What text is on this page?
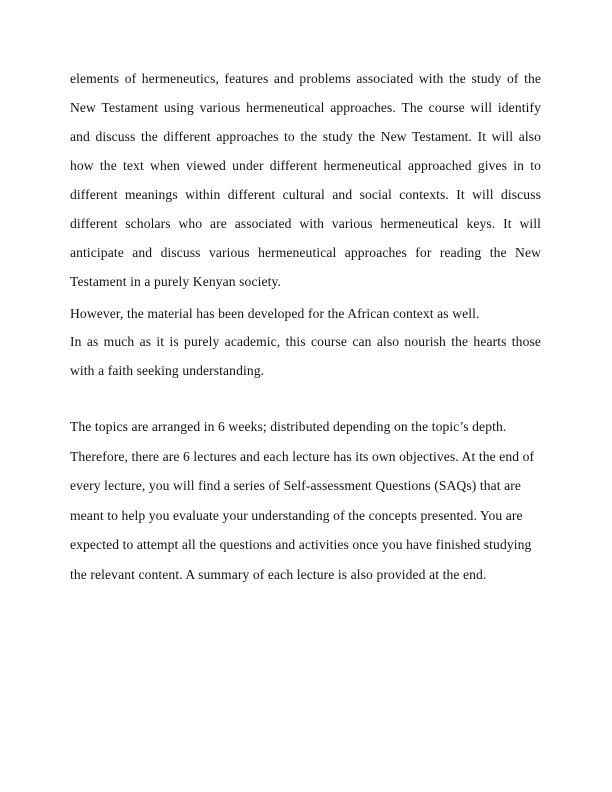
elements of hermeneutics, features and problems associated with the study of the New Testament using various hermeneutical approaches. The course will identify and discuss the different approaches to the study the New Testament. It will also how the text when viewed under different hermeneutical approached gives in to different meanings within different cultural and social contexts. It will discuss different scholars who are associated with various hermeneutical keys. It will anticipate and discuss various hermeneutical approaches for reading the New Testament in a purely Kenyan society.

However, the material has been developed for the African context as well.

In as much as it is purely academic, this course can also nourish the hearts those with a faith seeking understanding.

The topics are arranged in 6 weeks; distributed depending on the topic’s depth. Therefore, there are 6 lectures and each lecture has its own objectives. At the end of every lecture, you will find a series of Self-assessment Questions (SAQs) that are meant to help you evaluate your understanding of the concepts presented. You are expected to attempt all the questions and activities once you have finished studying the relevant content. A summary of each lecture is also provided at the end.
